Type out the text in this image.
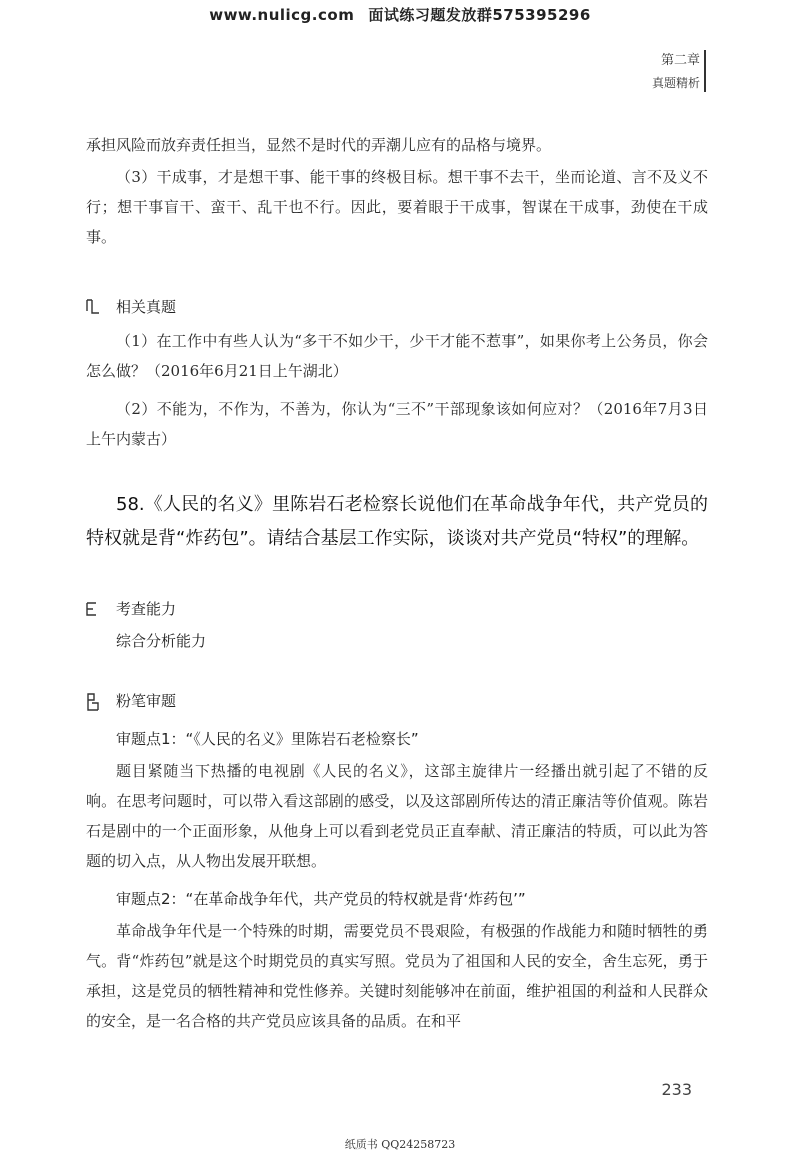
www.nulicg.com 面试练习题发放群575395296
第二章
真题精析
承担风险而放弃责任担当，显然不是时代的弄潮儿应有的品格与境界。
（3）干成事，才是想干事、能干事的终极目标。想干事不去干，坐而论道、言不及义不行；想干事盲干、蛮干、乱干也不行。因此，要着眼于干成事，智谋在干成事，劲使在干成事。
相关真题
（1）在工作中有些人认为“多干不如少干，少干才能不惹事”，如果你考上公务员，你会怎么做？（2016年6月21日上午湖北）
（2）不能为，不作为，不善为，你认为“三不”干部现象该如何应对？（2016年7月3日上午内蒙古）
58.《人民的名义》里陈岩石老检察长说他们在革命战争年代，共产党员的特权就是背“炸药包”。请结合基层工作实际，谈谈对共产党员“特权”的理解。
考查能力
综合分析能力
粉笔审题
审题点1：“《人民的名义》里陈岩石老检察长”
题目紧随当下热播的电视剧《人民的名义》，这部主旋律片一经播出就引起了不错的反响。在思考问题时，可以带入看这部剧的感受，以及这部剧所传达的清正廉洁等价值观。陈岩石是剧中的一个正面形象，从他身上可以看到老党员正直奉献、清正廉洁的特质，可以此为答题的切入点，从人物出发展开联想。
审题点2：“在革命战争年代，共产党员的特权就是背‘炸药包’”
革命战争年代是一个特殊的时期，需要党员不畏艰险，有极强的作战能力和随时牺牲的勇气。背“炸药包”就是这个时期党员的真实写照。党员为了祖国和人民的安全，舍生忘死，勇于承担，这是党员的牺牲精神和党性修养。关键时刻能够冲在前面，维护祖国的利益和人民群众的安全，是一名合格的共产党员应该具备的品质。在和平
233
纸质书 QQ24258723
